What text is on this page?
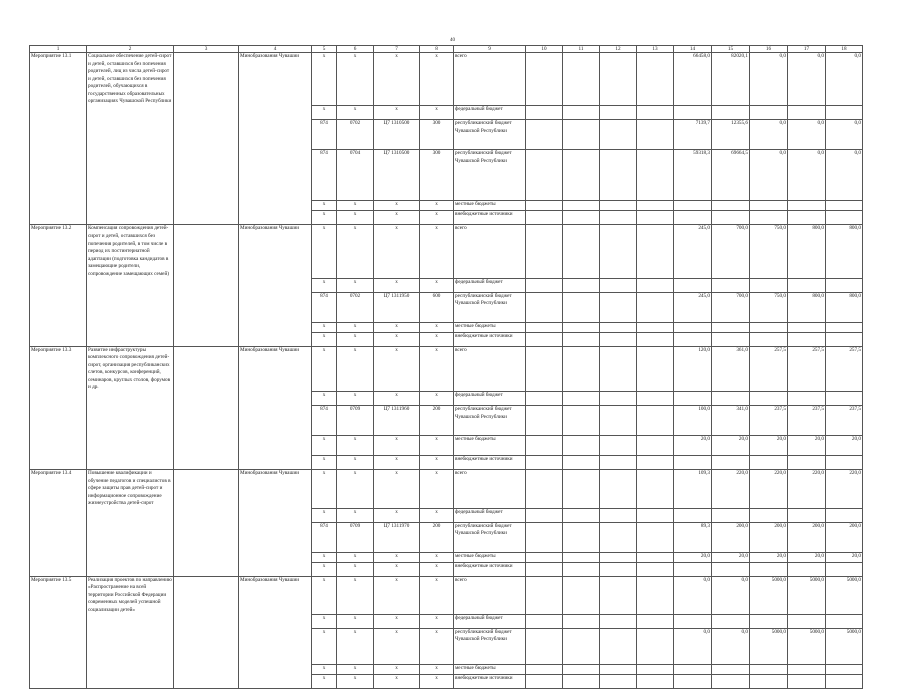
40
1	2	3	4	5	6	7	8	9	10	11	12	13	14	15	16	17	18
Мероприятие 13.1	Социальное обеспечение детей-сирот и детей, оставшихся без попечения родителей, лиц из числа детей-сирот и детей, оставшихся без попечения родителей, обучающихся в государственных образовательных организациях Чувашской Республики		Минобразования Чувашии	х	х	х	х	всего					66458,0	82020,1	0,0	0,0	0,0
				х	х	х	х	федеральный бюджет									
				874	0702	Ц7 1310500	300	республиканский бюджет Чувашской Республики					7139,7	12355,6	0,0	0,0	0,0
				874	0704	Ц7 1310500	300	республиканский бюджет Чувашской Республики					59318,3	69664,5	0,0	0,0	0,0
				х	х	х	х	местные бюджеты									
				х	х	х	х	внебюджетные источники									
Мероприятие 13.2	Компенсация сопровождения детей-сирот и детей, оставшихся без попечения родителей, в том числе в период их постинтернатной адаптации (подготовка кандидатов в замещающие родители, сопровождение замещающих семей)		Минобразования Чувашии	х	х	х	х	всего					245,0	700,0	750,0	800,0	800,0
				х	х	х	х	федеральный бюджет									
				874	0702	Ц7 1311950	600	республиканский бюджет Чувашской Республики					245,0	700,0	750,0	800,0	800,0
				х	х	х	х	местные бюджеты									
				х	х	х	х	внебюджетные источники									
Мероприятие 13.3	Развитие инфраструктуры комплексного сопровождения детей-сирот, организация республиканских слетов, конкурсов, конференций, семинаров, круглых столов, форумов и др.		Минобразования Чувашии	х	х	х	х	всего					120,0	361,0	257,5	257,5	257,5
				х	х	х	х	федеральный бюджет									
				874	0709	Ц7 1311960	200	республиканский бюджет Чувашской Республики					100,0	341,0	237,5	237,5	237,5
				х	х	х	х	местные бюджеты					20,0	20,0	20,0	20,0	20,0
				х	х	х	х	внебюджетные источники									
Мероприятие 13.4	Повышение квалификации и обучение педагогов и специалистов в сфере защиты прав детей-сирот и информационное сопровождение жизнеустройства детей-сирот		Минобразования Чувашии	х	х	х	х	всего					109,3	220,0	220,0	220,0	220,0
				х	х	х	х	федеральный бюджет									
				874	0709	Ц7 1311970	200	республиканский бюджет Чувашской Республики					89,3	200,0	200,0	200,0	200,0
				х	х	х	х	местные бюджеты					20,0	20,0	20,0	20,0	20,0
				х	х	х	х	внебюджетные источники									
Мероприятие 13.5	Реализация проектов по направлению «Распространение на всей территории Российской Федерации современных моделей успешной социализации детей»		Минобразования Чувашии	х	х	х	х	всего					0,0	0,0	5000,0	5000,0	5000,0
				х	х	х	х	федеральный бюджет									
				х	х	х	х	республиканский бюджет Чувашской Республики					0,0	0,0	5000,0	5000,0	5000,0
				х	х	х	х	местные бюджеты									
				х	х	х	х	внебюджетные источники									
